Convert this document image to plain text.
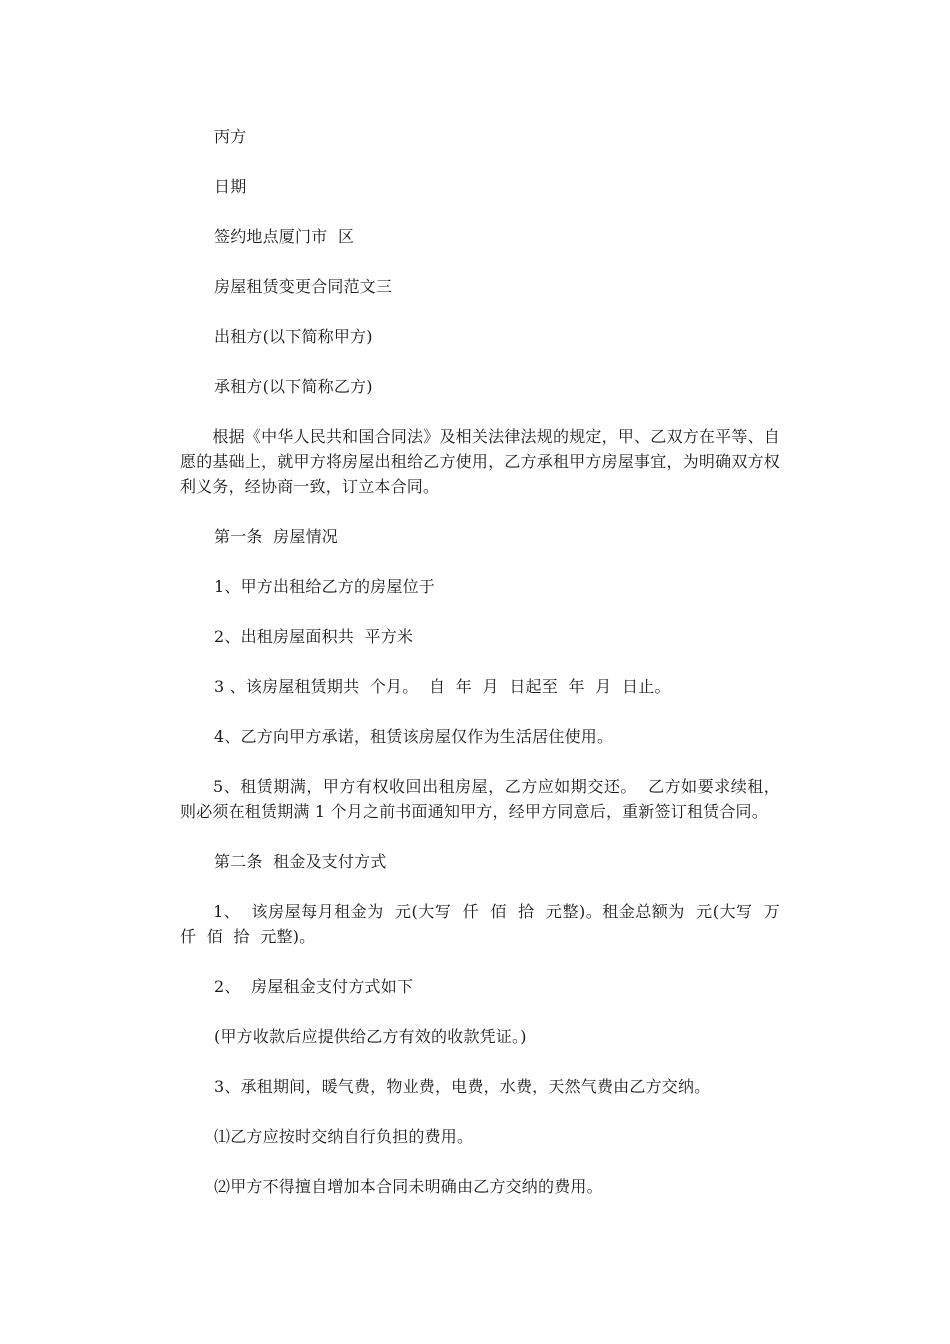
丙方
日期
签约地点厦门市  区
房屋租赁变更合同范文三
出租方(以下简称甲方)
承租方(以下简称乙方)
　　根据《中华人民共和国合同法》及相关法律法规的规定，甲、乙双方在平等、自愿的基础上，就甲方将房屋出租给乙方使用，乙方承租甲方房屋事宜，为明确双方权利义务，经协商一致，订立本合同。
第一条  房屋情况
1、甲方出租给乙方的房屋位于
2、出租房屋面积共  平方米
3 、该房屋租赁期共  个月。  自  年  月  日起至  年  月  日止。
4、乙方向甲方承诺，租赁该房屋仅作为生活居住使用。
　　5、租赁期满，甲方有权收回出租房屋，乙方应如期交还。  乙方如要求续租，则必须在租赁期满 1 个月之前书面通知甲方，经甲方同意后，重新签订租赁合同。
第二条  租金及支付方式
　　1、  该房屋每月租金为  元(大写  仟  佰  拾  元整)。租金总额为  元(大写  万仟  佰  拾  元整)。
2、  房屋租金支付方式如下
(甲方收款后应提供给乙方有效的收款凭证。)
3、承租期间，暖气费，物业费，电费，水费，天然气费由乙方交纳。
⑴乙方应按时交纳自行负担的费用。
⑵甲方不得擅自增加本合同未明确由乙方交纳的费用。
